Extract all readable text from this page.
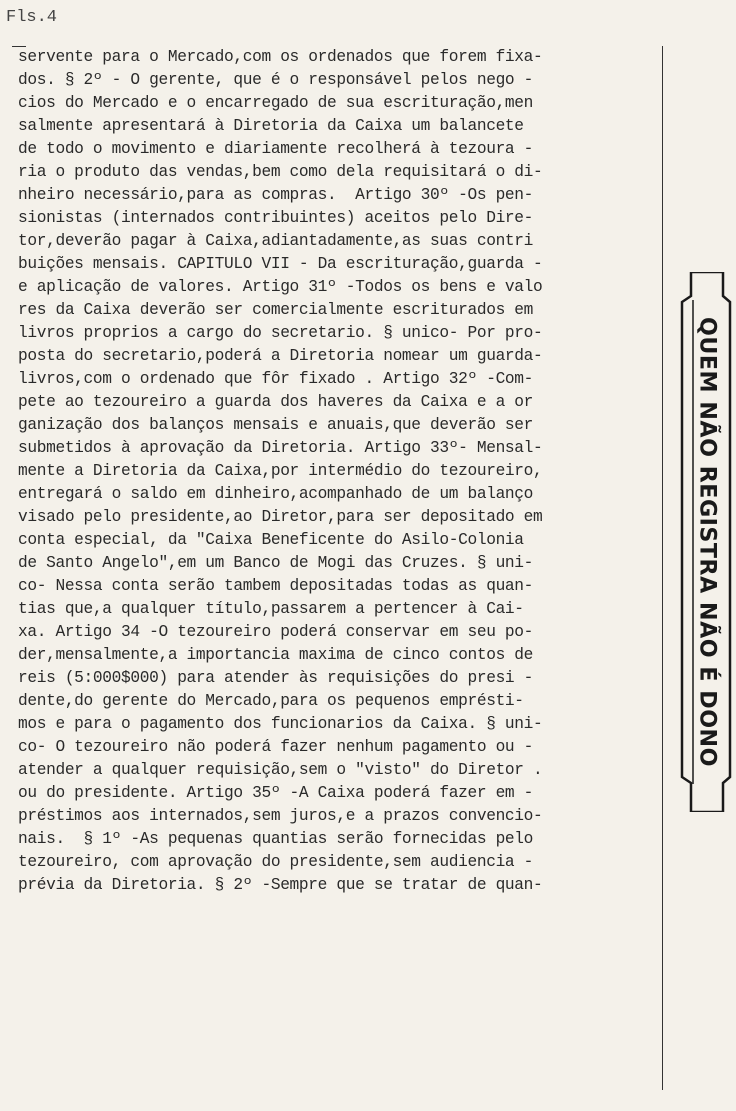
Fls.4
servente para o Mercado,com os ordenados que forem fixa-
dos. § 2º - O gerente, que é o responsável pelos nego -
cios do Mercado e o encarregado de sua escrituração,men
salmente apresentará à Diretoria da Caixa um balancete
de todo o movimento e diariamente recolherá à tezoura -
ria o produto das vendas,bem como dela requisitará o di-
nheiro necessário,para as compras.  Artigo 30º -Os pen-
sionistas (internados contribuintes) aceitos pelo Dire-
tor,deverão pagar à Caixa,adiantadamente,as suas contri
buições mensais. CAPITULO VII - Da escrituração,guarda -
e aplicação de valores. Artigo 31º -Todos os bens e valo
res da Caixa deverão ser comercialmente escriturados em
livros proprios a cargo do secretario. § unico- Por pro-
posta do secretario,poderá a Diretoria nomear um guarda-
livros,com o ordenado que fôr fixado . Artigo 32º -Com-
pete ao tezoureiro a guarda dos haveres da Caixa e a or
ganização dos balanços mensais e anuais,que deverão ser
submetidos à aprovação da Diretoria. Artigo 33º- Mensal-
mente a Diretoria da Caixa,por intermédio do tezoureiro,
entregará o saldo em dinheiro,acompanhado de um balanço
visado pelo presidente,ao Diretor,para ser depositado em
conta especial, da "Caixa Beneficente do Asilo-Colonia
de Santo Angelo",em um Banco de Mogi das Cruzes. § uni-
co- Nessa conta serão tambem depositadas todas as quan-
tias que,a qualquer título,passarem a pertencer à Cai-
xa. Artigo 34 -O tezoureiro poderá conservar em seu po-
der,mensalmente,a importancia maxima de cinco contos de
reis (5:000$000) para atender às requisições do presi -
dente,do gerente do Mercado,para os pequenos emprésti-
mos e para o pagamento dos funcionarios da Caixa. § uni-
co- O tezoureiro não poderá fazer nenhum pagamento ou -
atender a qualquer requisição,sem o "visto" do Diretor .
ou do presidente. Artigo 35º -A Caixa poderá fazer em -
préstimos aos internados,sem juros,e a prazos convencio-
nais.  § 1º -As pequenas quantias serão fornecidas pelo
tezoureiro, com aprovação do presidente,sem audiencia -
prévia da Diretoria. § 2º -Sempre que se tratar de quan-
QUEM NÃO REGISTRA NÃO É DONO
